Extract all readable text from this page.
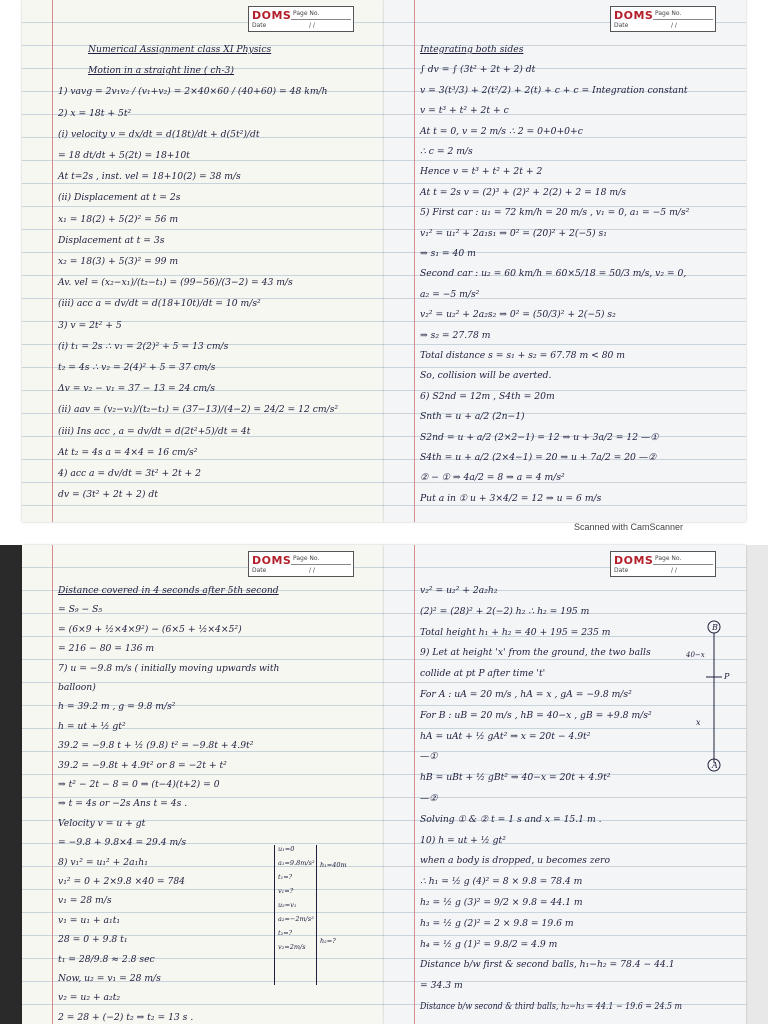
DOMS Page No.
Date	/ /
Numerical Assignment class XI Physics
Motion in a straight line ( ch-3)
1) vavg = 2v₁v₂ / (v₁+v₂) = 2×40×60 / (40+60) = 48 km/h
2) x = 18t + 5t²
(i) velocity v = dx/dt = d(18t)/dt + d(5t²)/dt
= 18 dt/dt + 5(2t) = 18+10t
At t=2s , inst. vel = 18+10(2) = 38 m/s
(ii) Displacement at t = 2s
x₁ = 18(2) + 5(2)² = 56 m
Displacement at t = 3s
x₂ = 18(3) + 5(3)² = 99 m
Av. vel = (x₂−x₁)/(t₂−t₁) = (99−56)/(3−2) = 43 m/s
(iii) acc a = dv/dt = d(18+10t)/dt = 10 m/s²
3) v = 2t² + 5
(i) t₁ = 2s ∴ v₁ = 2(2)² + 5 = 13 cm/s
t₂ = 4s ∴ v₂ = 2(4)² + 5 = 37 cm/s
Δv = v₂ − v₁ = 37 − 13 = 24 cm/s
(ii) aav = (v₂−v₁)/(t₂−t₁) = (37−13)/(4−2) = 24/2 = 12 cm/s²
(iii) Ins acc , a = dv/dt = d(2t²+5)/dt = 4t
At t₂ = 4s a = 4×4 = 16 cm/s²
4) acc a = dv/dt = 3t² + 2t + 2
dv = (3t² + 2t + 2) dt
DOMS Page No.
Date	/ /
Integrating both sides
∫ dv = ∫ (3t² + 2t + 2) dt
v = 3(t³/3) + 2(t²/2) + 2(t) + c + c = Integration constant
v = t³ + t² + 2t + c
At t = 0, v = 2 m/s ∴ 2 = 0+0+0+c
∴ c = 2 m/s
Hence v = t³ + t² + 2t + 2
At t = 2s v = (2)³ + (2)² + 2(2) + 2 = 18 m/s
5) First car : u₁ = 72 km/h = 20 m/s , v₁ = 0, a₁ = −5 m/s²
v₁² = u₁² + 2a₁s₁ ⇒ 0² = (20)² + 2(−5) s₁
⇒ s₁ = 40 m
Second car : u₂ = 60 km/h = 60×5/18 = 50/3 m/s, v₂ = 0,
a₂ = −5 m/s²
v₂² = u₂² + 2a₂s₂ ⇒ 0² = (50/3)² + 2(−5) s₂
⇒ s₂ = 27.78 m
Total distance s = s₁ + s₂ = 67.78 m < 80 m
So, collision will be averted.
6) S2nd = 12m , S4th = 20m
Snth = u + a/2 (2n−1)
S2nd = u + a/2 (2×2−1) = 12 ⇒ u + 3a/2 = 12 —①
S4th = u + a/2 (2×4−1) = 20 ⇒ u + 7a/2 = 20 —②
② − ① ⇒ 4a/2 = 8 ⇒ a = 4 m/s²
Put a in ① u + 3×4/2 = 12 ⇒ u = 6 m/s
Scanned with CamScanner
DOMS Page No.
Date	/ /
Distance covered in 4 seconds after 5th second
= S₉ − S₅
= (6×9 + ½×4×9²) − (6×5 + ½×4×5²)
= 216 − 80 = 136 m
7) u = −9.8 m/s ( initially moving upwards with
balloon)
h = 39.2 m , g = 9.8 m/s²
h = ut + ½ gt²
39.2 = −9.8 t + ½ (9.8) t² = −9.8t + 4.9t²
39.2 = −9.8t + 4.9t² or 8 = −2t + t²
⇒ t² − 2t − 8 = 0 ⇒ (t−4)(t+2) = 0
⇒ t = 4s or −2s Ans t = 4s .
Velocity v = u + gt
= −9.8 + 9.8×4 = 29.4 m/s
8) v₁² = u₁² + 2a₁h₁
v₁² = 0 + 2×9.8 ×40 = 784
v₁ = 28 m/s
v₁ = u₁ + a₁t₁
28 = 0 + 9.8 t₁
t₁ = 28/9.8 ≈ 2.8 sec
Now, u₂ = v₁ = 28 m/s
v₂ = u₂ + a₂t₂
2 = 28 + (−2) t₂ ⇒ t₂ = 13 s .
u₁=0
a₁=9.8m/s²
t₁=?
v₁=?
h₁=40m
u₂=v₁
a₂=−2m/s²
t₂=?
v₂=2m/s
h₂=?
DOMS Page No.
Date	/ /
v₂² = u₂² + 2a₂h₂
(2)² = (28)² + 2(−2) h₂ ∴ h₂ = 195 m
Total height h₁ + h₂ = 40 + 195 = 235 m
9) Let at height 'x' from the ground, the two balls
collide at pt P after time 't'
For A : uA = 20 m/s , hA = x , gA = −9.8 m/s²
For B : uB = 20 m/s , hB = 40−x , gB = +9.8 m/s²
hA = uAt + ½ gAt² ⇒ x = 20t − 4.9t²
—①
hB = uBt + ½ gBt² ⇒ 40−x = 20t + 4.9t²
—②
Solving ① & ② t = 1 s and x = 15.1 m .
10) h = ut + ½ gt²
when a body is dropped, u becomes zero
∴ h₁ = ½ g (4)² = 8 × 9.8 = 78.4 m
h₂ = ½ g (3)² = 9/2 × 9.8 = 44.1 m
h₃ = ½ g (2)² = 2 × 9.8 = 19.6 m
h₄ = ½ g (1)² = 9.8/2 = 4.9 m
Distance b/w first & second balls, h₁−h₂ = 78.4 − 44.1
= 34.3 m
Distance b/w second & third balls, h₂−h₃ = 44.1 − 19.6 = 24.5 m
B
A
P
40−x
x
